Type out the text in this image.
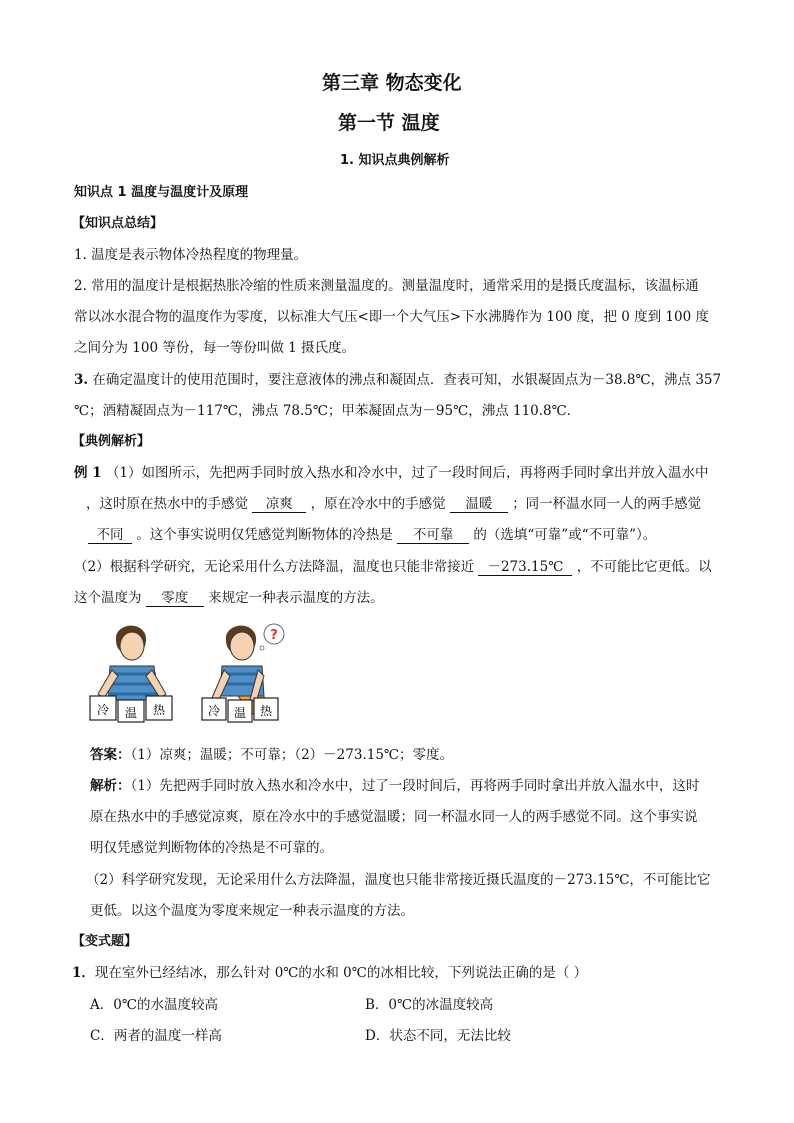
第三章 物态变化
第一节 温度
1. 知识点典例解析
知识点 1 温度与温度计及原理
【知识点总结】
1. 温度是表示物体冷热程度的物理量。
2. 常用的温度计是根据热胀冷缩的性质来测量温度的。测量温度时，通常采用的是摄氏度温标，该温标通
常以冰水混合物的温度作为零度，以标准大气压<即一个大气压>下水沸腾作为 100 度，把 0 度到 100 度
之间分为 100 等份，每一等份叫做 1 摄氏度。
3. 在确定温度计的使用范围时，要注意液体的沸点和凝固点．查表可知，水银凝固点为－38.8℃，沸点 357
℃；酒精凝固点为－117℃，沸点 78.5℃；甲苯凝固点为－95℃，沸点 110.8℃．
【典例解析】
例 1 （1）如图所示，先把两手同时放入热水和冷水中，过了一段时间后，再将两手同时拿出并放入温水中
，这时原在热水中的手感觉 凉爽 ，原在冷水中的手感觉 温暖 ；同一杯温水同一人的两手感觉
不同 。这个事实说明仅凭感觉判断物体的冷热是 不可靠 的（选填“可靠”或“不可靠”）。
（2）根据科学研究，无论采用什么方法降温，温度也只能非常接近 －273.15℃ ，不可能比它更低。以
这个温度为 零度 来规定一种表示温度的方法。
冷 温 热
?
冷 温 热
答案：（1）凉爽；温暖；不可靠；（2）－273.15℃；零度。
解析：（1）先把两手同时放入热水和冷水中，过了一段时间后，再将两手同时拿出并放入温水中，这时
原在热水中的手感觉凉爽，原在冷水中的手感觉温暖；同一杯温水同一人的两手感觉不同。这个事实说
明仅凭感觉判断物体的冷热是不可靠的。
（2）科学研究发现，无论采用什么方法降温，温度也只能非常接近摄氏温度的－273.15℃，不可能比它
更低。以这个温度为零度来规定一种表示温度的方法。
【变式题】
1．现在室外已经结冰，那么针对 0℃的水和 0℃的冰相比较，下列说法正确的是（ ）
A．0℃的水温度较高	B．0℃的冰温度较高
C．两者的温度一样高	D．状态不同，无法比较
